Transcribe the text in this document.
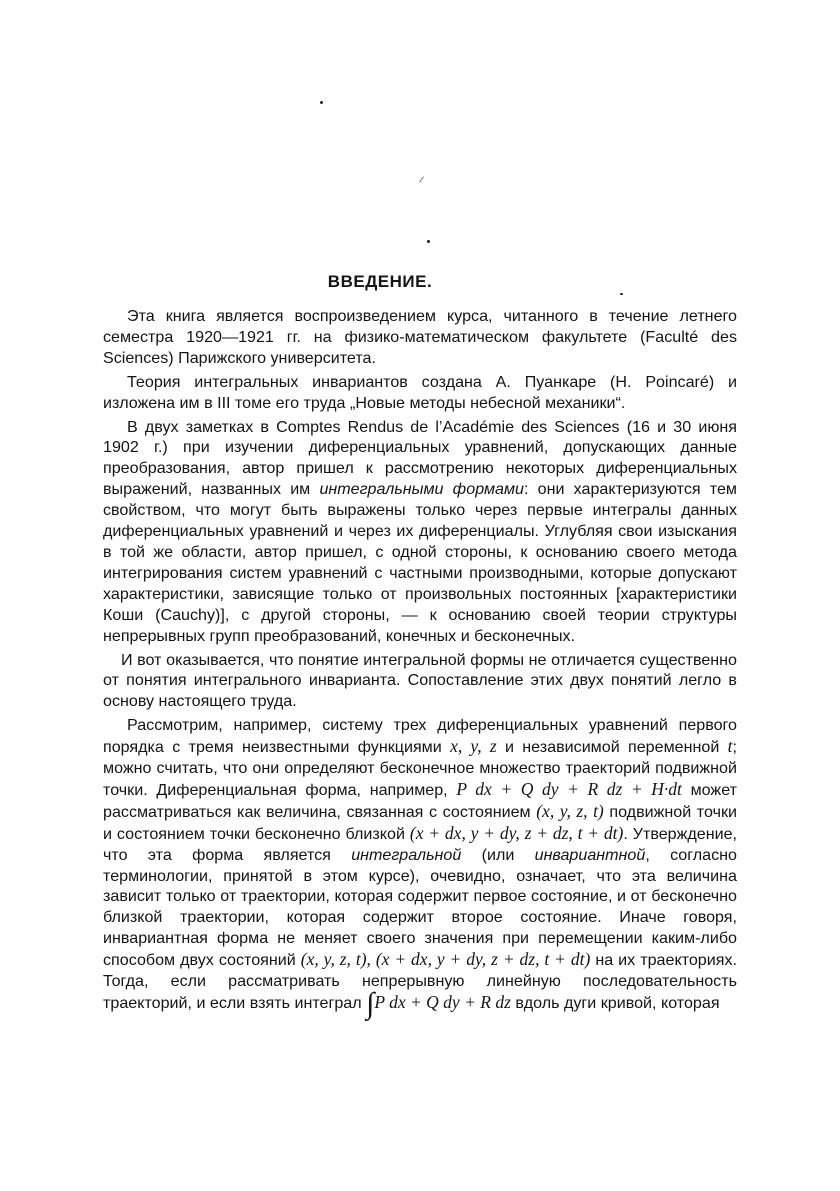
ВВЕДЕНИЕ.

Эта книга является воспроизведением курса, читанного в течение летнего семестра 1920—1921 гг. на физико-математическом факультете (Faculté des Sciences) Парижского университета.

Теория интегральных инвариантов создана А. Пуанкаре (H. Poincaré) и изложена им в III томе его труда „Новые методы небесной механики“.

В двух заметках в Comptes Rendus de l’Académie des Sciences (16 и 30 июня 1902 г.) при изучении диференциальных уравнений, допускающих данные преобразования, автор пришел к рассмотрению некоторых диференциальных выражений, названных им интегральными формами: они характеризуются тем свойством, что могут быть выражены только через первые интегралы данных диференциальных уравнений и через их диференциалы. Углубляя свои изыскания в той же области, автор пришел, с одной стороны, к основанию своего метода интегрирования систем уравнений с частными производными, которые допускают характеристики, зависящие только от произвольных постоянных [характеристики Коши (Cauchy)], с другой стороны, — к основанию своей теории структуры непрерывных групп преобразований, конечных и бесконечных.

И вот оказывается, что понятие интегральной формы не отличается существенно от понятия интегрального инварианта. Сопоставление этих двух понятий легло в основу настоящего труда.

Рассмотрим, например, систему трех диференциальных уравнений первого порядка с тремя неизвестными функциями x, y, z и независимой переменной t; можно считать, что они определяют бесконечное множество траекторий подвижной точки. Диференциальная форма, например, P dx + Q dy + R dz + H·dt может рассматриваться как величина, связанная с состоянием (x, y, z, t) подвижной точки и состоянием точки бесконечно близкой (x + dx, y + dy, z + dz, t + dt). Утверждение, что эта форма является интегральной (или инвариантной, согласно терминологии, принятой в этом курсе), очевидно, означает, что эта величина зависит только от траектории, которая содержит первое состояние, и от бесконечно близкой траектории, которая содержит второе состояние. Иначе говоря, инвариантная форма не меняет своего значения при перемещении каким-либо способом двух состояний (x, y, z, t), (x + dx, y + dy, z + dz, t + dt) на их траекториях. Тогда, если рассматривать непрерывную линейную последовательность траекторий, и если взять интеграл ∫P dx + Q dy + R dz вдоль дуги кривой, которая
